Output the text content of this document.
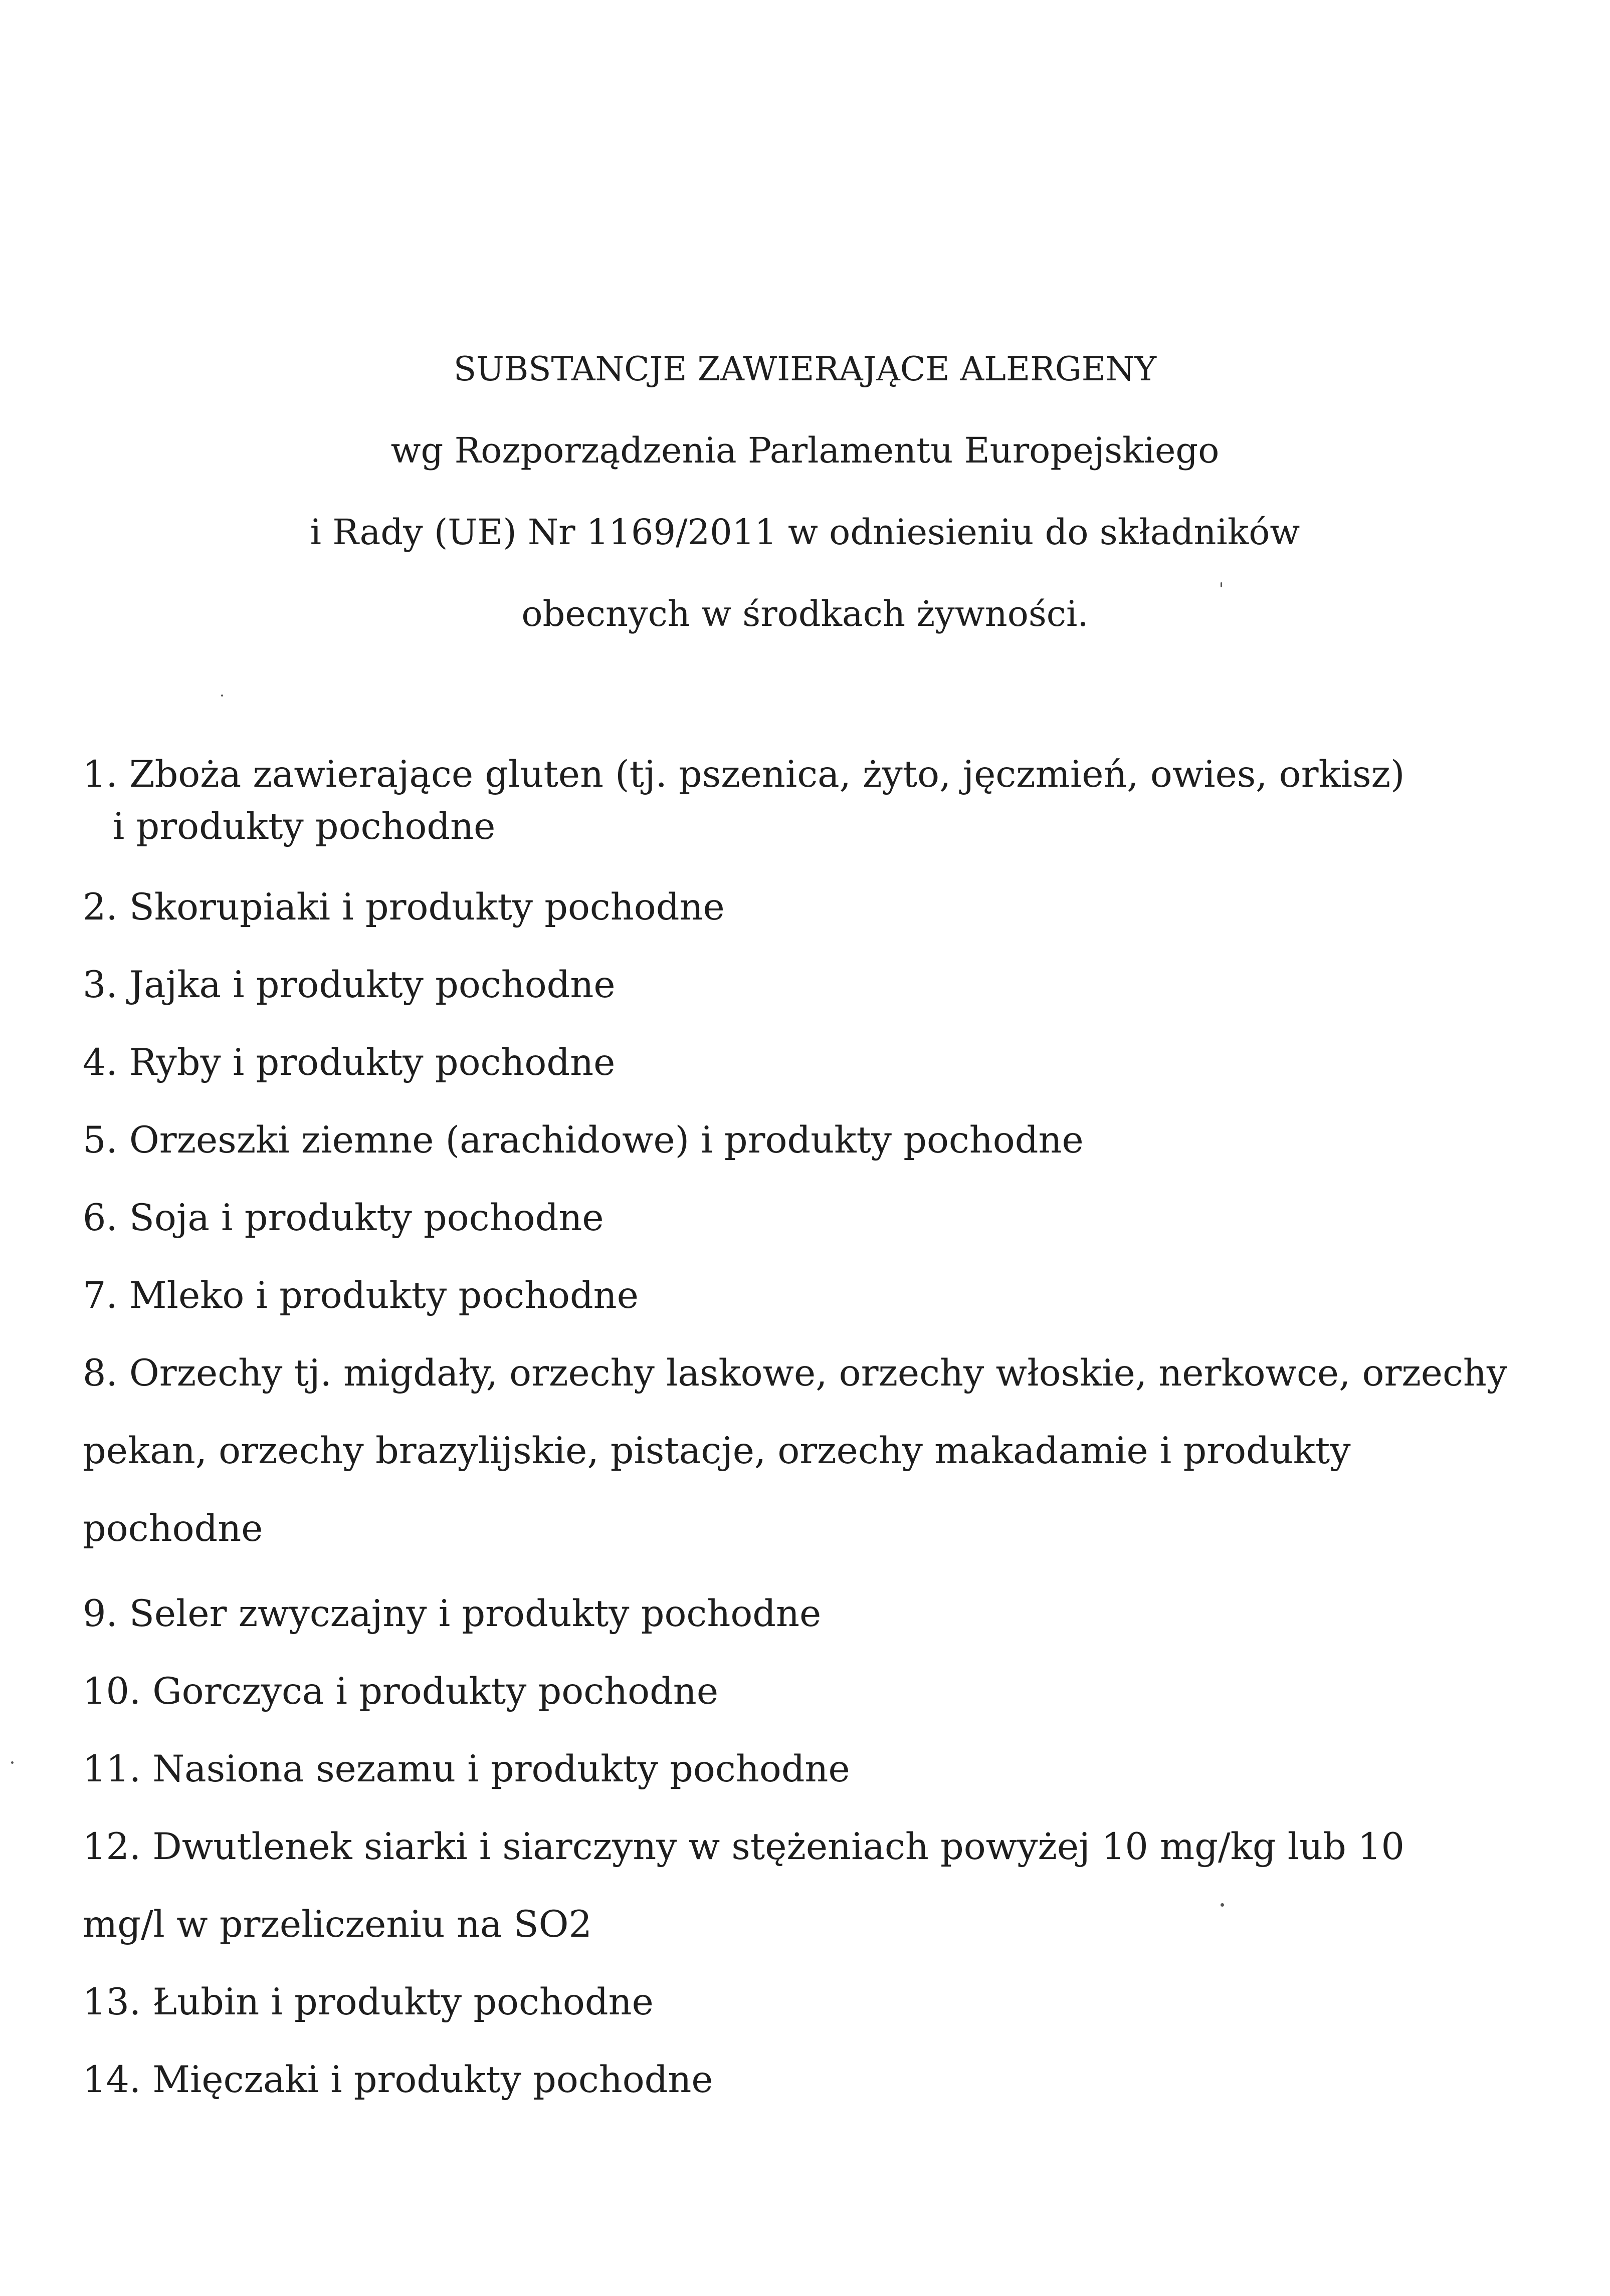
SUBSTANCJE ZAWIERAJĄCE ALERGENY
wg Rozporządzenia Parlamentu Europejskiego
i Rady (UE) Nr 1169/2011 w odniesieniu do składników
obecnych w środkach żywności.
1. Zboża zawierające gluten (tj. pszenica, żyto, jęczmień, owies, orkisz)
i produkty pochodne
2. Skorupiaki i produkty pochodne
3. Jajka i produkty pochodne
4. Ryby i produkty pochodne
5. Orzeszki ziemne (arachidowe) i produkty pochodne
6. Soja i produkty pochodne
7. Mleko i produkty pochodne
8. Orzechy tj. migdały, orzechy laskowe, orzechy włoskie, nerkowce, orzechy
pekan, orzechy brazylijskie, pistacje, orzechy makadamie i produkty
pochodne
9. Seler zwyczajny i produkty pochodne
10. Gorczyca i produkty pochodne
11. Nasiona sezamu i produkty pochodne
12. Dwutlenek siarki i siarczyny w stężeniach powyżej 10 mg/kg lub 10
mg/l w przeliczeniu na SO2
13. Łubin i produkty pochodne
14. Mięczaki i produkty pochodne
